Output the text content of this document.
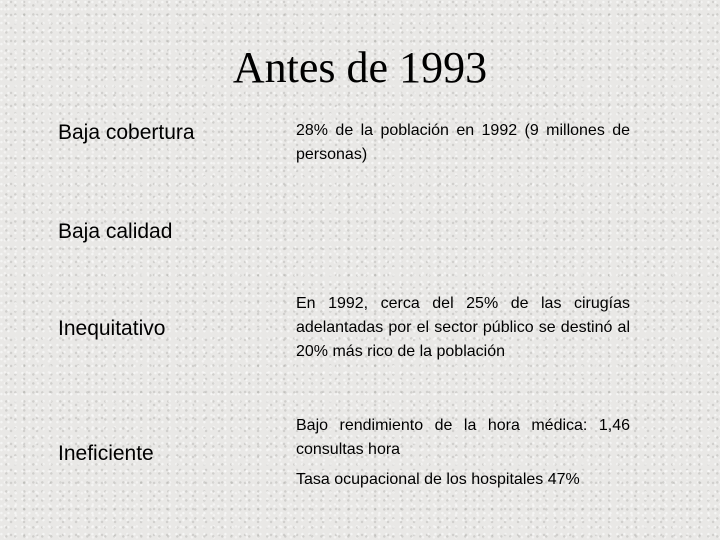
Antes de 1993
Baja cobertura	28% de la población en 1992 (9 millones de personas)

Baja calidad
Inequitativo

En 1992, cerca del 25% de las cirugías adelantadas por el sector público se destinó al 20% más rico de la población

Ineficiente

Bajo rendimiento de la hora médica: 1,46 consultas hora

Tasa ocupacional de los hospitales 47%
